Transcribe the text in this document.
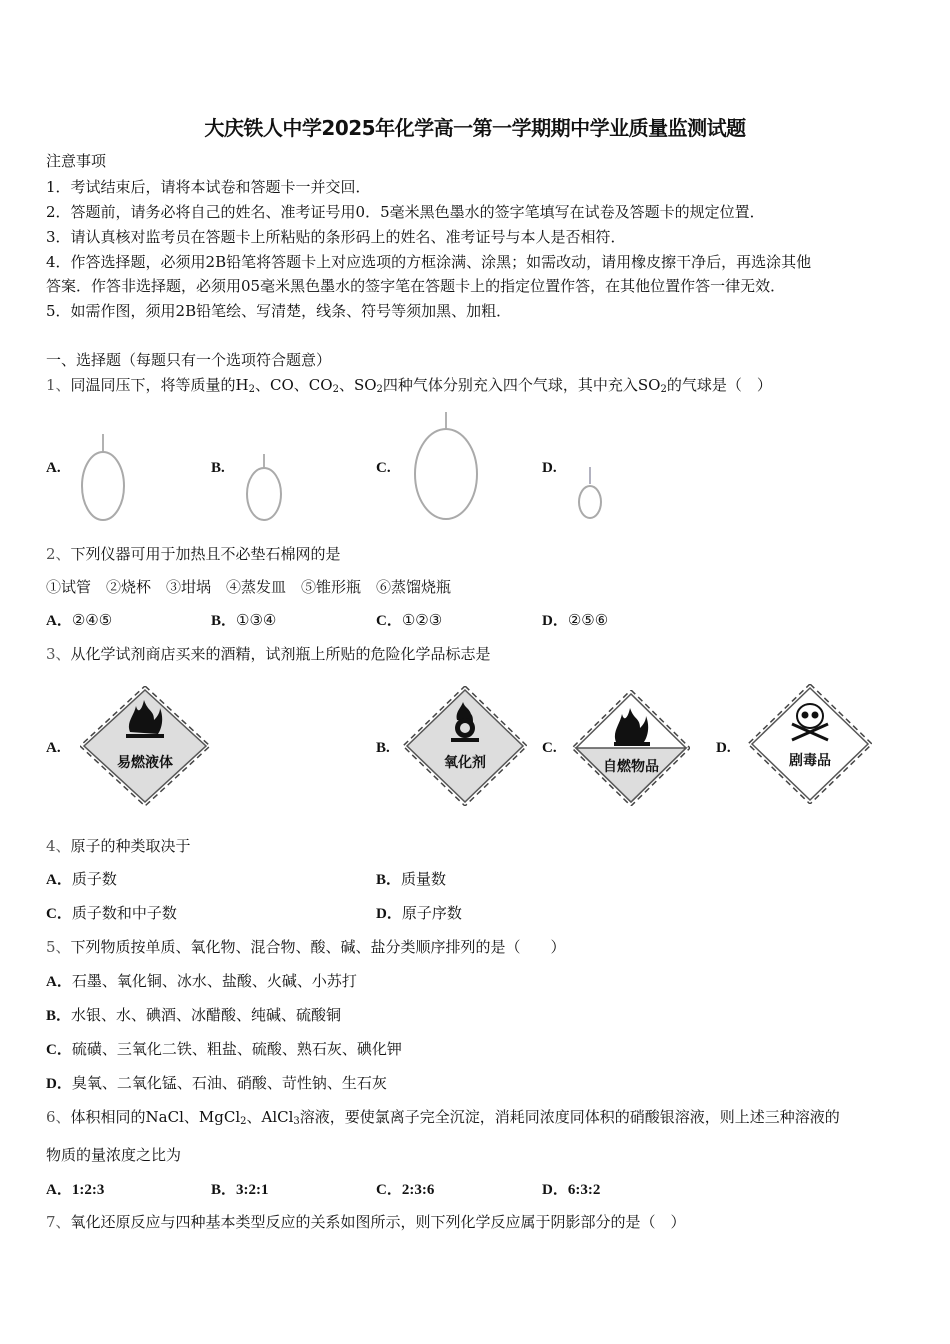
大庆铁人中学2025年化学高一第一学期期中学业质量监测试题
注意事项
1．考试结束后，请将本试卷和答题卡一并交回．
2．答题前，请务必将自己的姓名、准考证号用0．5毫米黑色墨水的签字笔填写在试卷及答题卡的规定位置．
3．请认真核对监考员在答题卡上所粘贴的条形码上的姓名、准考证号与本人是否相符．
4．作答选择题，必须用2B铅笔将答题卡上对应选项的方框涂满、涂黑；如需改动，请用橡皮擦干净后，再选涂其他
答案．作答非选择题，必须用05毫米黑色墨水的签字笔在答题卡上的指定位置作答，在其他位置作答一律无效．
5．如需作图，须用2B铅笔绘、写清楚，线条、符号等须加黑、加粗．
一、选择题（每题只有一个选项符合题意）
1、同温同压下，将等质量的$H_2$、CO、$CO_2$、$SO_2$四种气体分别充入四个气球，其中充入$SO_2$的气球是（　）
A.	B.	C.	D.
2、下列仪器可用于加热且不必垫石棉网的是
①试管　②烧杯　③坩埚　④蒸发皿　⑤锥形瓶　⑥蒸馏烧瓶
A．②④⑤	B．①③④	C．①②③	D．②⑤⑥
3、从化学试剂商店买来的酒精，试剂瓶上所贴的危险化学品标志是
A.
易燃液体
B.
氧化剂
C.
自燃物品
D.
剧毒品
4、原子的种类取决于
A．质子数	B．质量数
C．质子数和中子数	D．原子序数
5、下列物质按单质、氧化物、混合物、酸、碱、盐分类顺序排列的是（　　）
A．石墨、氧化铜、冰水、盐酸、火碱、小苏打
B．水银、水、碘酒、冰醋酸、纯碱、硫酸铜
C．硫磺、三氧化二铁、粗盐、硫酸、熟石灰、碘化钾
D．臭氧、二氧化锰、石油、硝酸、苛性钠、生石灰
6、体积相同的NaCl、MgCl$_2$、AlCl$_3$溶液，要使氯离子完全沉淀，消耗同浓度同体积的硝酸银溶液，则上述三种溶液的
物质的量浓度之比为
A．1:2:3	B．3:2:1	C．2:3:6	D．6:3:2
7、氧化还原反应与四种基本类型反应的关系如图所示，则下列化学反应属于阴影部分的是（　）
